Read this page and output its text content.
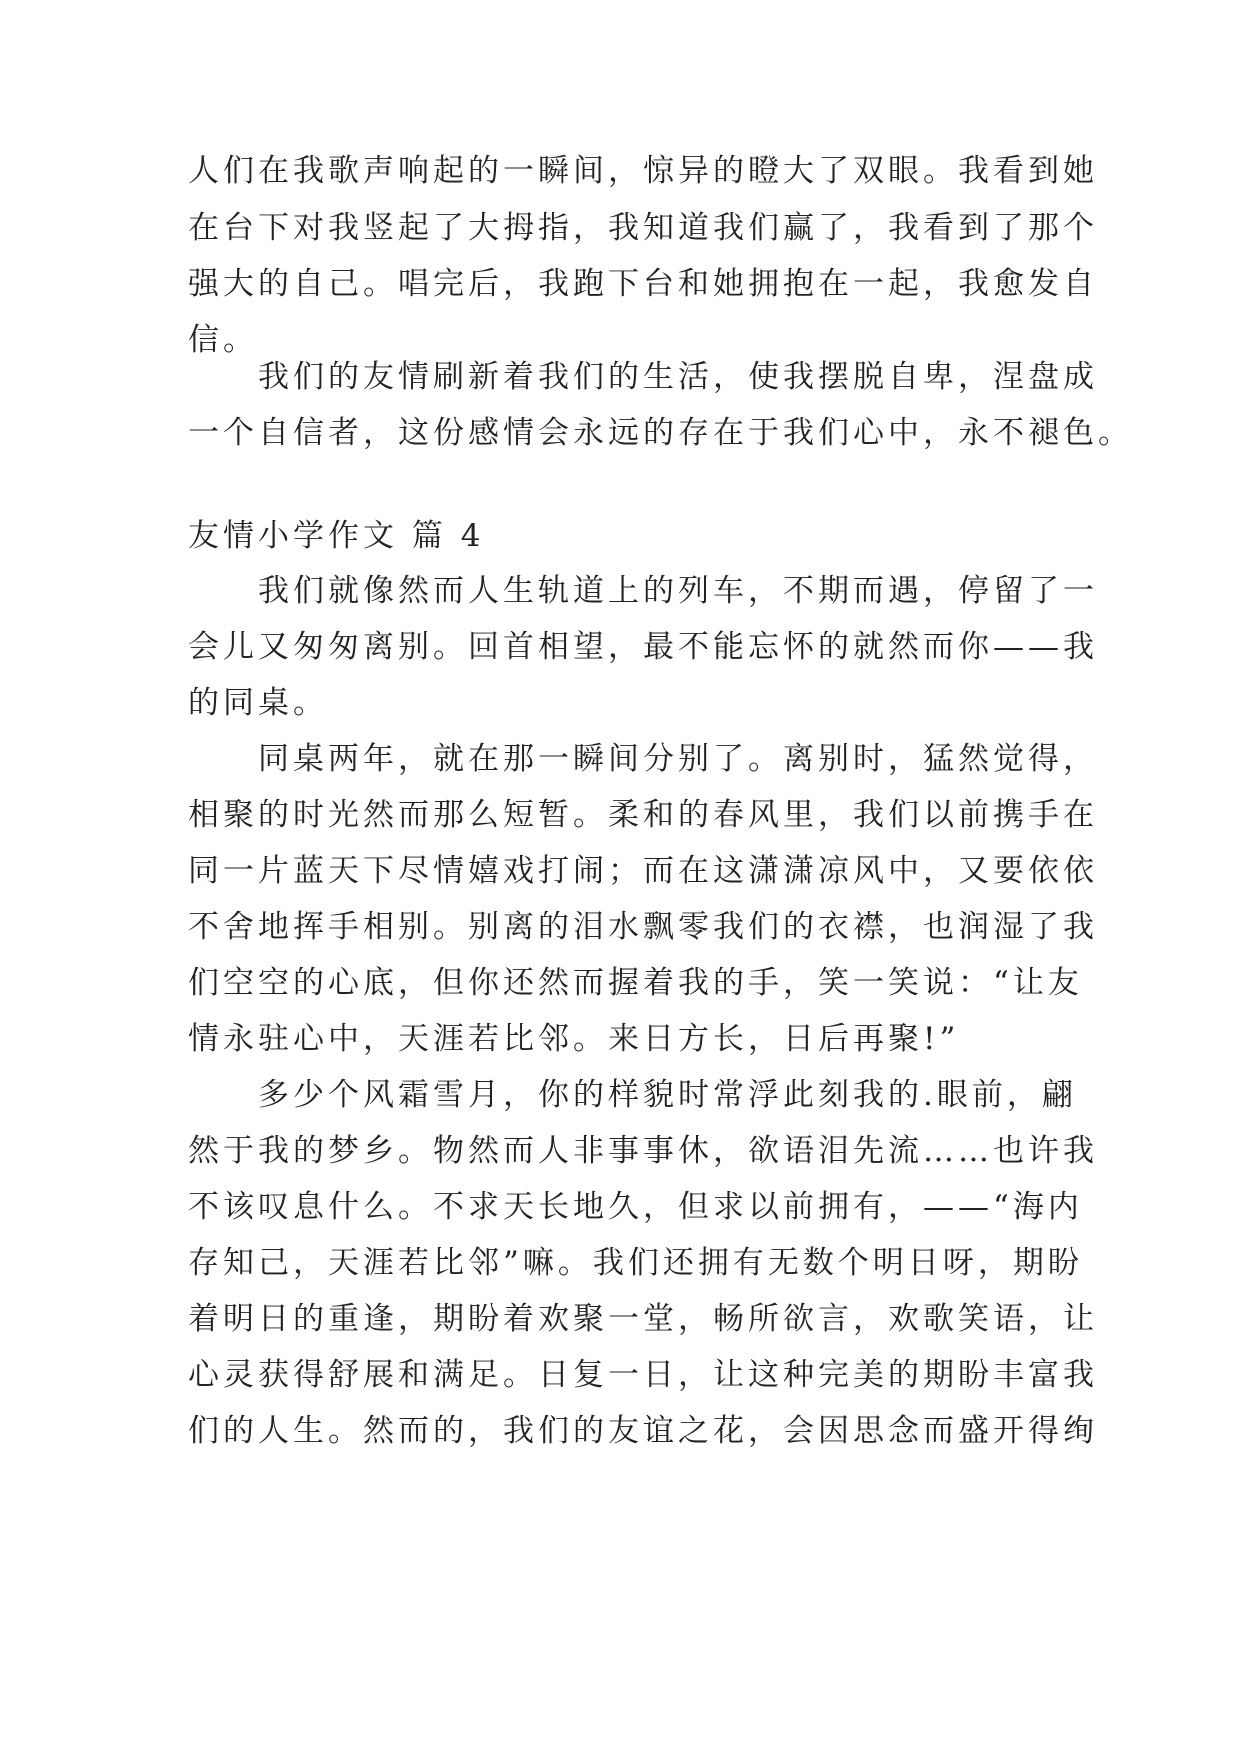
人们在我歌声响起的一瞬间，惊异的瞪大了双眼。我看到她
在台下对我竖起了大拇指，我知道我们赢了，我看到了那个
强大的自己。唱完后，我跑下台和她拥抱在一起，我愈发自
信。
　　我们的友情刷新着我们的生活，使我摆脱自卑，涅盘成
一个自信者，这份感情会永远的存在于我们心中，永不褪色。
友情小学作文 篇 4
　　我们就像然而人生轨道上的列车，不期而遇，停留了一
会儿又匆匆离别。回首相望，最不能忘怀的就然而你——我
的同桌。
　　同桌两年，就在那一瞬间分别了。离别时，猛然觉得，
相聚的时光然而那么短暂。柔和的春风里，我们以前携手在
同一片蓝天下尽情嬉戏打闹；而在这潇潇凉风中，又要依依
不舍地挥手相别。别离的泪水飘零我们的衣襟，也润湿了我
们空空的心底，但你还然而握着我的手，笑一笑说：“让友
情永驻心中，天涯若比邻。来日方长，日后再聚!”
　　多少个风霜雪月，你的样貌时常浮此刻我的.眼前，翩
然于我的梦乡。物然而人非事事休，欲语泪先流……也许我
不该叹息什么。不求天长地久，但求以前拥有，——“海内
存知己，天涯若比邻”嘛。我们还拥有无数个明日呀，期盼
着明日的重逢，期盼着欢聚一堂，畅所欲言，欢歌笑语，让
心灵获得舒展和满足。日复一日，让这种完美的期盼丰富我
们的人生。然而的，我们的友谊之花，会因思念而盛开得绚
